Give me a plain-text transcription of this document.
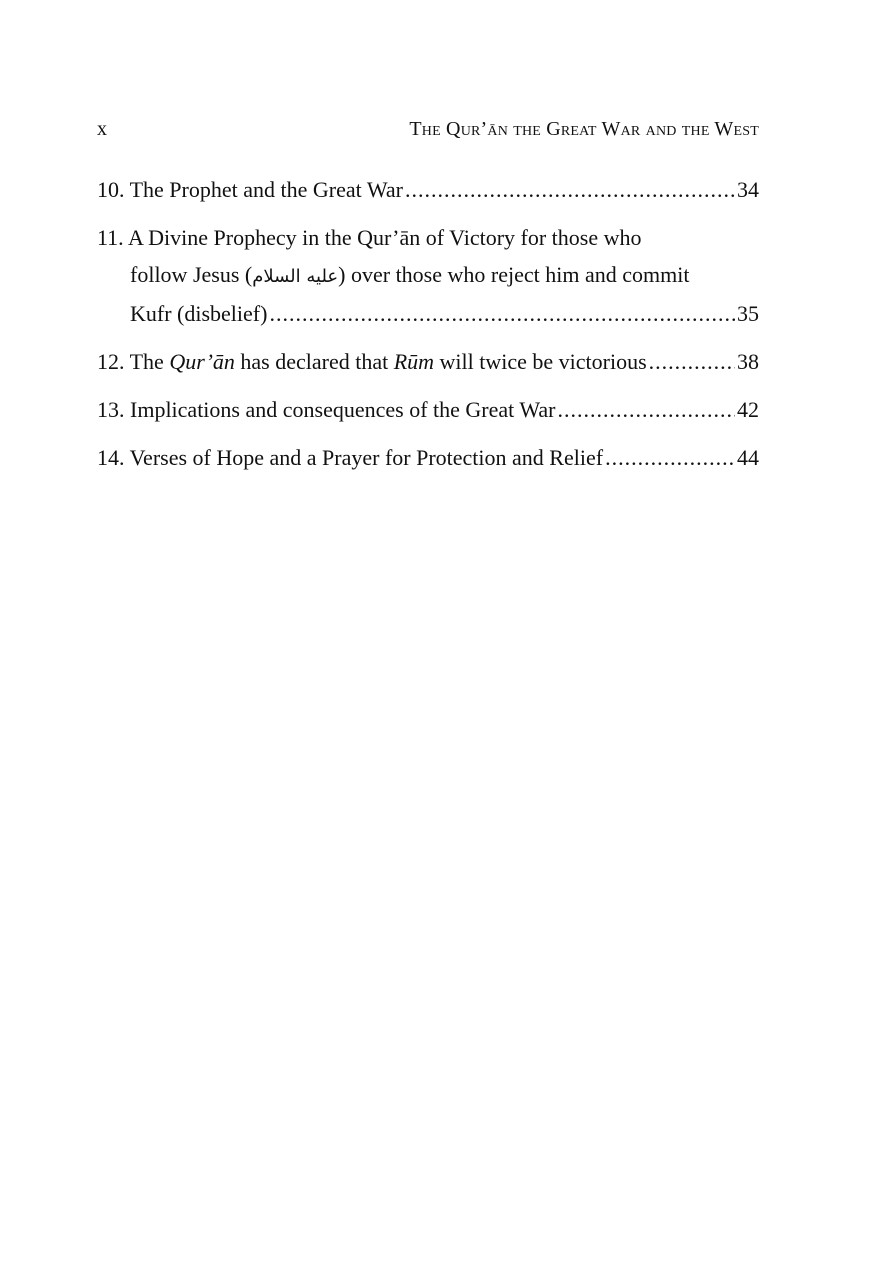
x	The Qur’ān the Great War and the West
10. The Prophet and the Great War .....	34
11. A Divine Prophecy in the Qur’ān of Victory for those who
follow Jesus ( عليه السلام ) over those who reject him and commit
Kufr (disbelief) .....	35
12. The Qur’ān has declared that Rūm will twice be victorious .....	38
13. Implications and consequences of the Great War .....	42
14. Verses of Hope and a Prayer for Protection and Relief .....	44
